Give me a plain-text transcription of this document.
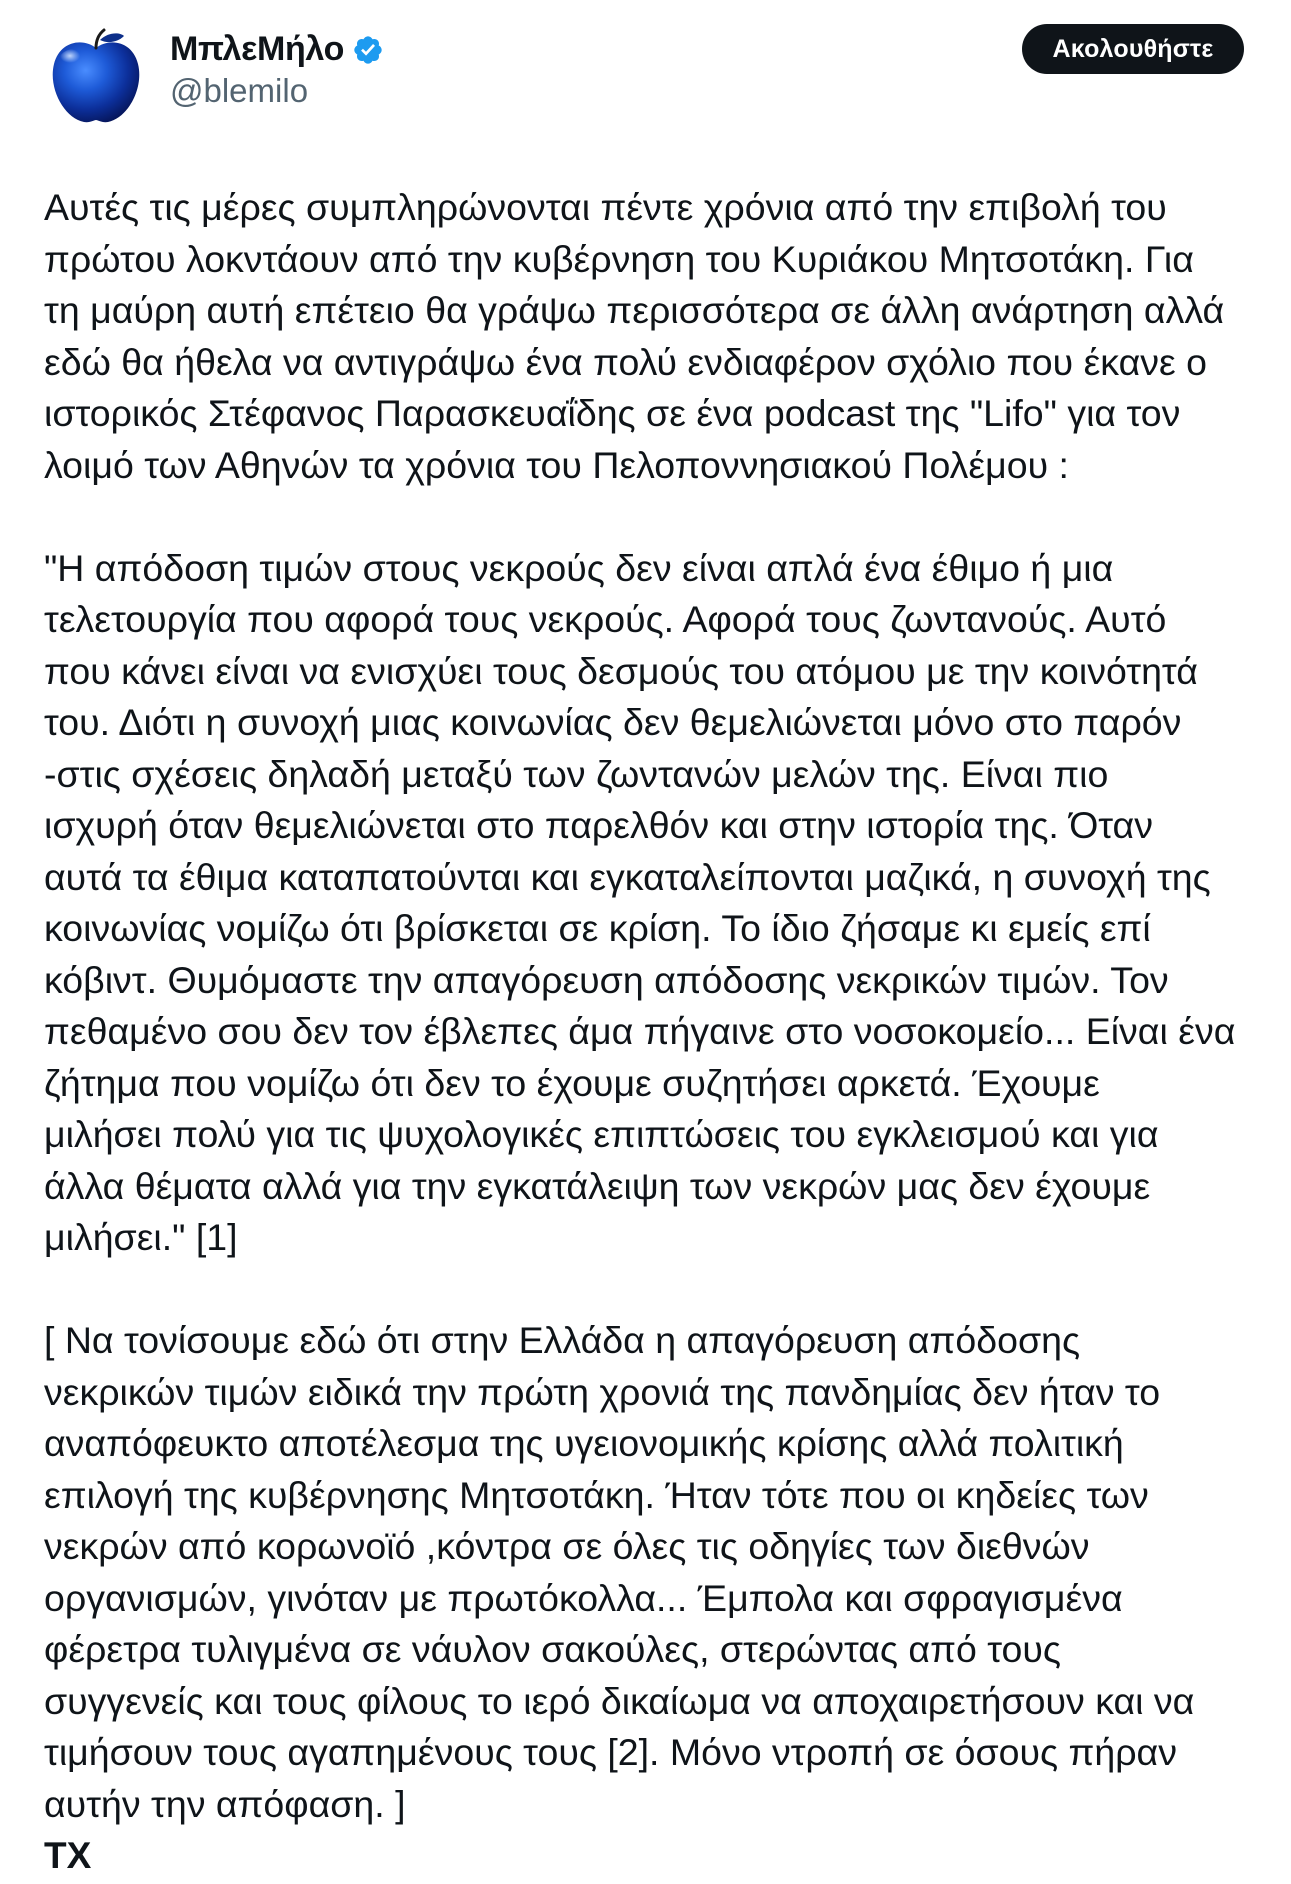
ΜπλεΜήλο
@blemilo
Ακολουθήστε

Αυτές τις μέρες συμπληρώνονται πέντε χρόνια από την επιβολή του
πρώτου λοκντάουν από την κυβέρνηση του Κυριάκου Μητσοτάκη. Για
τη μαύρη αυτή επέτειο θα γράψω περισσότερα σε άλλη ανάρτηση αλλά
εδώ θα ήθελα να αντιγράψω ένα πολύ ενδιαφέρον σχόλιο που έκανε ο
ιστορικός Στέφανος Παρασκευαΐδης σε ένα podcast της "Lifo" για τον
λοιμό των Αθηνών τα χρόνια του Πελοποννησιακού Πολέμου :

"Η απόδοση τιμών στους νεκρούς δεν είναι απλά ένα έθιμο ή μια
τελετουργία που αφορά τους νεκρούς. Αφορά τους ζωντανούς. Αυτό
που κάνει είναι να ενισχύει τους δεσμούς του ατόμου με την κοινότητά
του. Διότι η συνοχή μιας κοινωνίας δεν θεμελιώνεται μόνο στο παρόν
-στις σχέσεις δηλαδή μεταξύ των ζωντανών μελών της. Είναι πιο
ισχυρή όταν θεμελιώνεται στο παρελθόν και στην ιστορία της. Όταν
αυτά τα έθιμα καταπατούνται και εγκαταλείπονται μαζικά, η συνοχή της
κοινωνίας νομίζω ότι βρίσκεται σε κρίση. Το ίδιο ζήσαμε κι εμείς επί
κόβιντ. Θυμόμαστε την απαγόρευση απόδοσης νεκρικών τιμών. Τον
πεθαμένο σου δεν τον έβλεπες άμα πήγαινε στο νοσοκομείο... Είναι ένα
ζήτημα που νομίζω ότι δεν το έχουμε συζητήσει αρκετά. Έχουμε
μιλήσει πολύ για τις ψυχολογικές επιπτώσεις του εγκλεισμού και για
άλλα θέματα αλλά για την εγκατάλειψη των νεκρών μας δεν έχουμε
μιλήσει." [1]

[ Να τονίσουμε εδώ ότι στην Ελλάδα η απαγόρευση απόδοσης
νεκρικών τιμών ειδικά την πρώτη χρονιά της πανδημίας δεν ήταν το
αναπόφευκτο αποτέλεσμα της υγειονομικής κρίσης αλλά πολιτική
επιλογή της κυβέρνησης Μητσοτάκη. Ήταν τότε που οι κηδείες των
νεκρών από κορωνοϊό ,κόντρα σε όλες τις οδηγίες των διεθνών
οργανισμών, γινόταν με πρωτόκολλα... Έμπολα και σφραγισμένα
φέρετρα τυλιγμένα σε νάυλον σακούλες, στερώντας από τους
συγγενείς και τους φίλους το ιερό δικαίωμα να αποχαιρετήσουν και να
τιμήσουν τους αγαπημένους τους [2]. Μόνο ντροπή σε όσους πήραν
αυτήν την απόφαση. ]

ΤΧ
